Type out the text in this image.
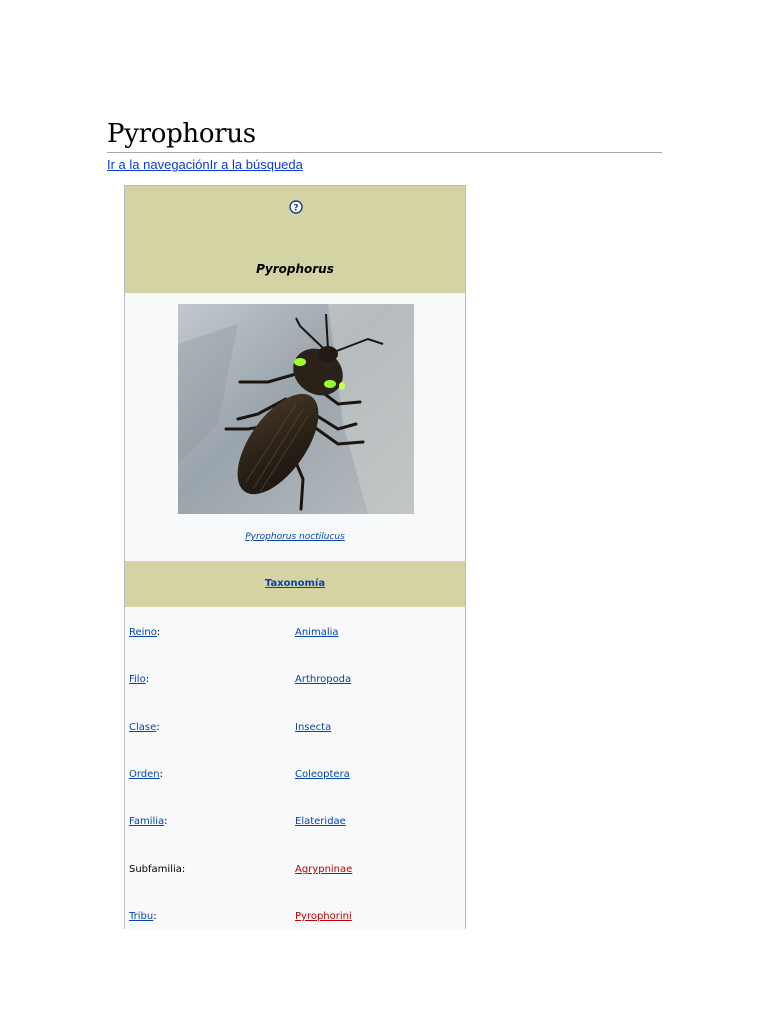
Pyrophorus
Ir a la navegaciónIr a la búsqueda
?
Pyrophorus
Pyrophorus noctilucus
Taxonomía
Reino:	Animalia
Filo:	Arthropoda
Clase:	Insecta
Orden:	Coleoptera
Familia:	Elateridae
Subfamilia:	Agrypninae
Tribu:	Pyrophorini
